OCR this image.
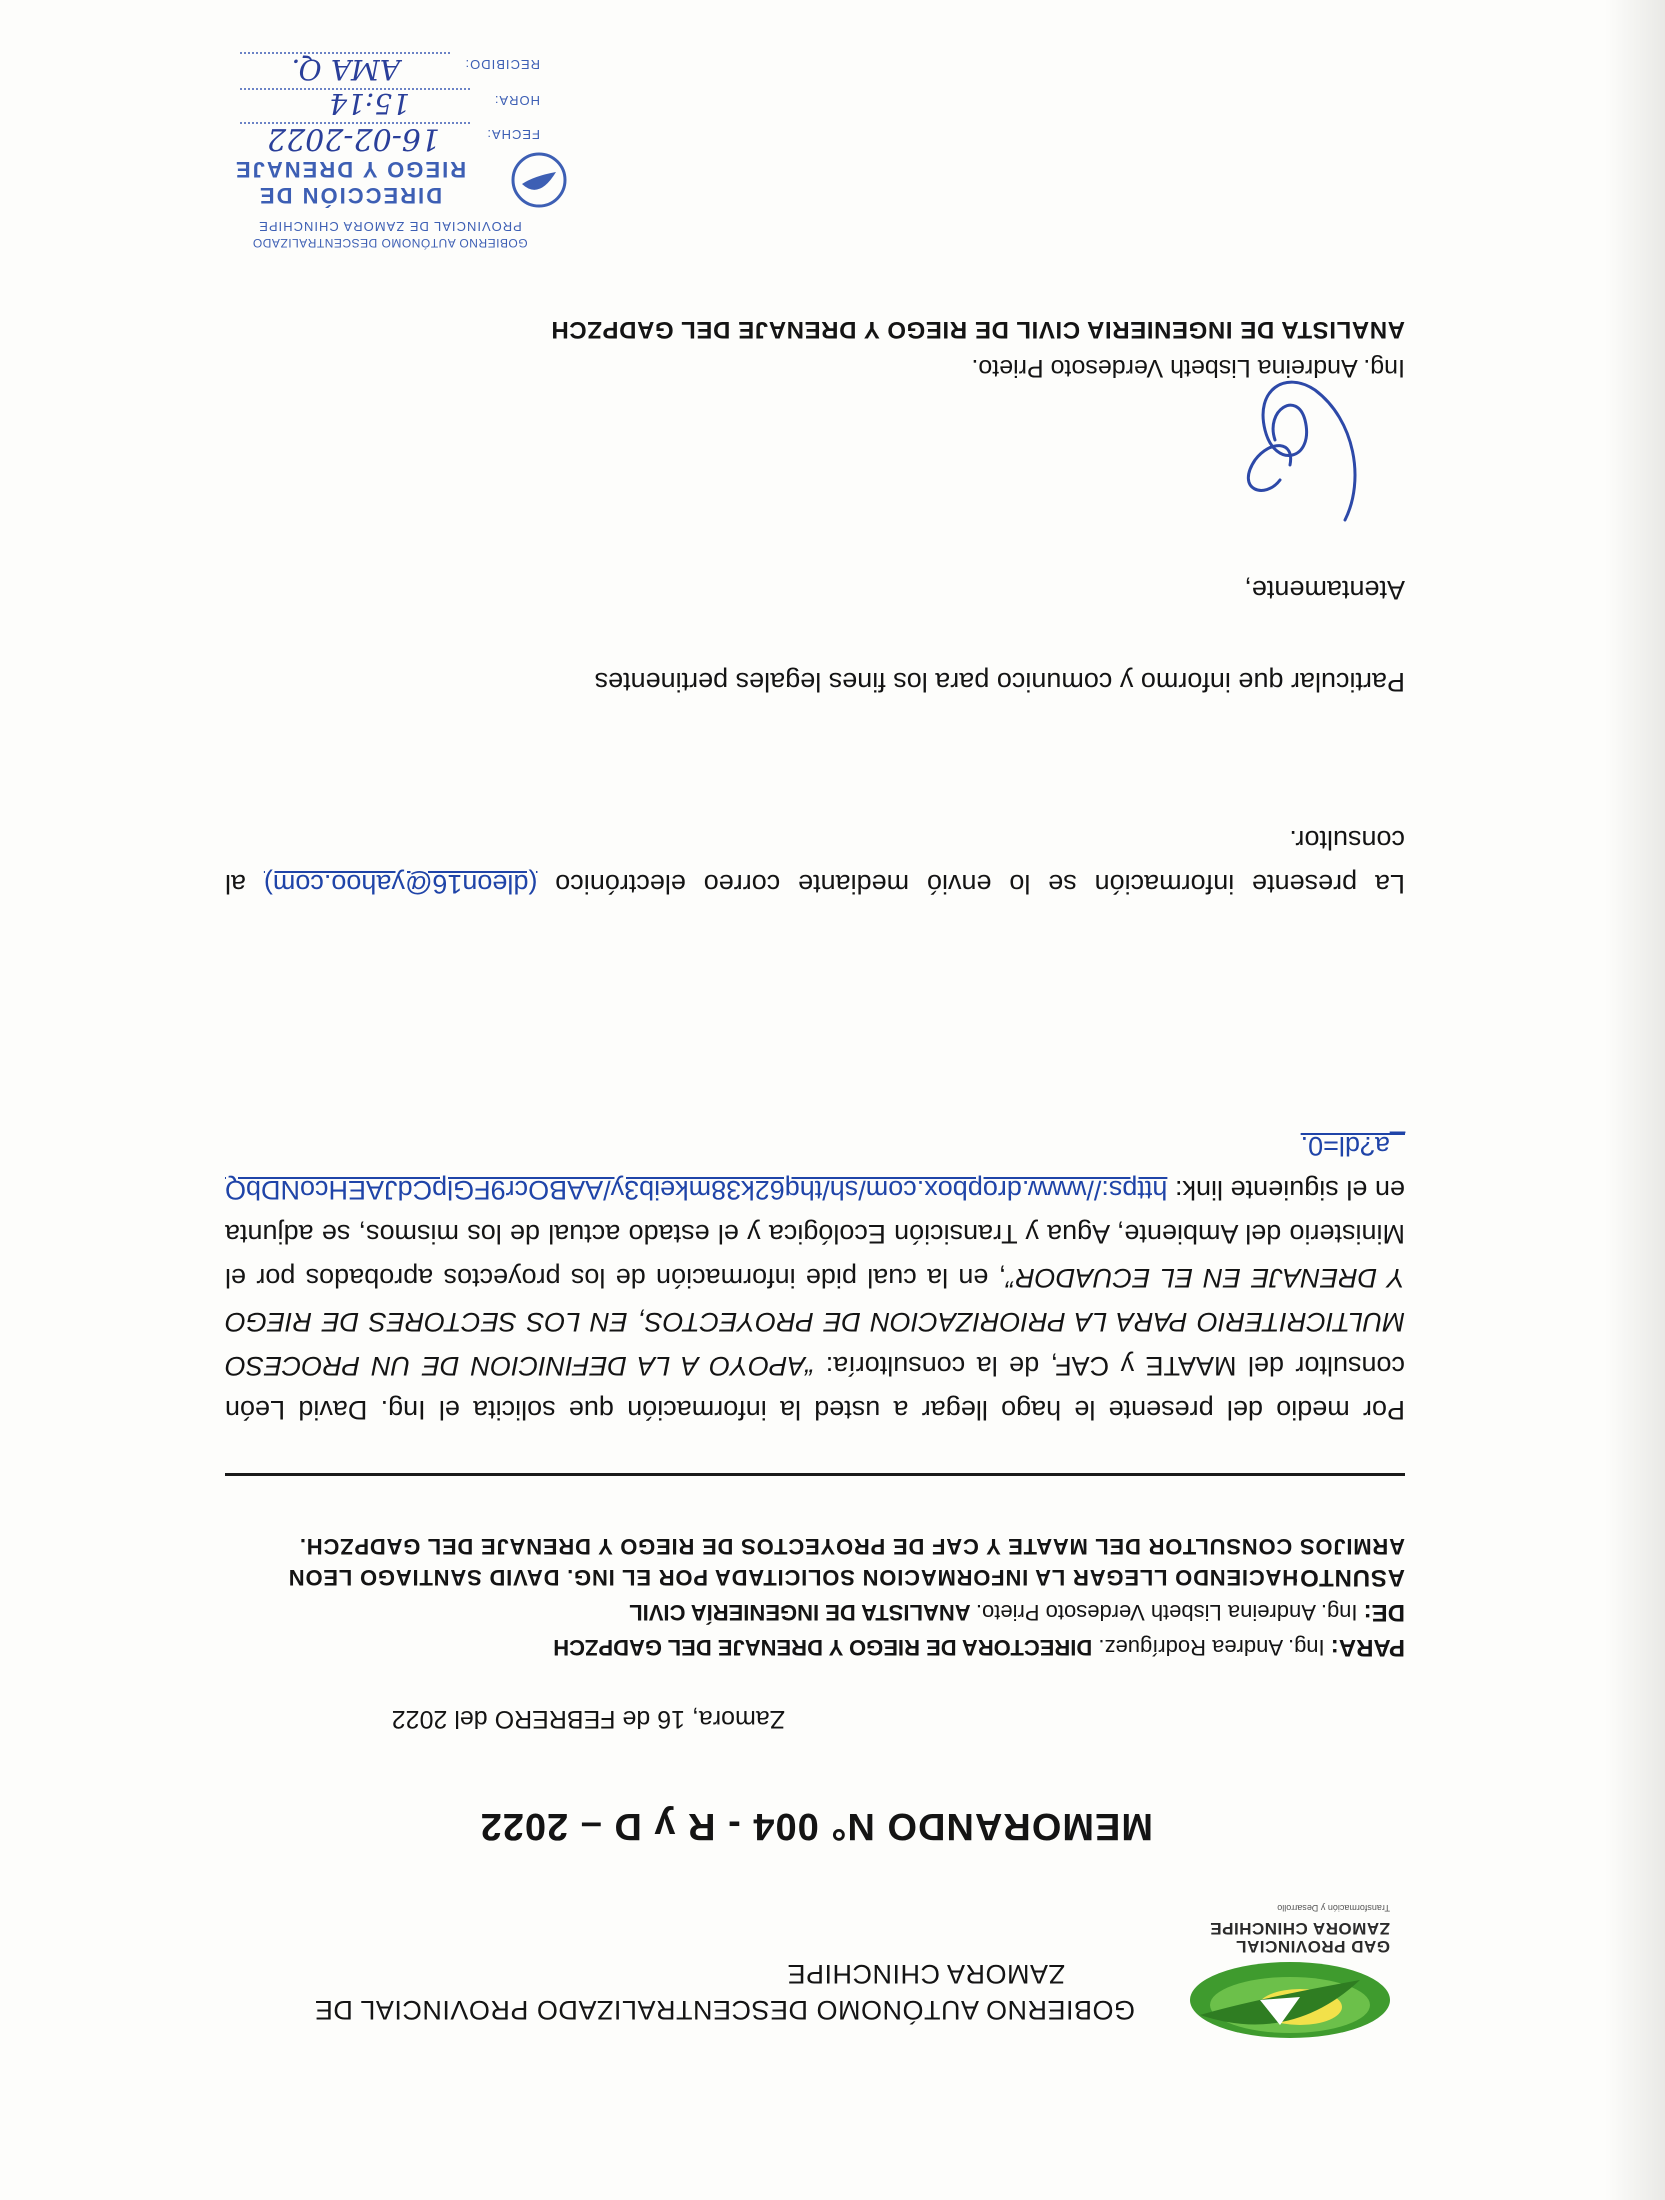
GAD PROVINCIAL ZAMORA CHINCHIPE
Transformación y Desarrollo
GOBIERNO AUTÓNOMO DESCENTRALIZADO PROVINCIAL DE
ZAMORA CHINCHIPE
MEMORANDO N° 004 - R y D – 2022
Zamora, 16 de FEBRERO del 2022
PARA: Ing. Andrea Rodríguez. DIRECTORA DE RIEGO Y DRENAJE DEL GADPZCH
DE: Ing. Andreina Lisbeth Verdesoto Prieto. ANALISTA DE INGENIERÍA CIVIL
ASUNTO: HACIENDO LLEGAR LA INFORMACION SOLICITADA POR EL ING. DAVID SANTIAGO LEON ARMIJOS CONSULTOR DEL MAATE Y CAF DE PROYECTOS DE RIEGO Y DRENAJE DEL GADPZCH.
Por medio del presente le hago llegar a usted la información que solicita el Ing. David León consultor del MAATE y CAF, de la consultoría: “APOYO A LA DEFINICION DE UN PROCESO MULTICRITERIO PARA LA PRIORIZACION DE PROYECTOS, EN LOS SECTORES DE RIEGO Y DRENAJE EN EL ECUADOR”, en la cual pide información de los proyectos aprobados por el Ministerio del Ambiente, Agua y Transición Ecológica y el estado actual de los mismos, se adjunta en el siguiente link: https://www.dropbox.com/sh/thq62k38mkeib3y/AABOcr9FGlpCdJAEHcoNDbQ_a?dl=0.
La presente información se lo envió mediante correo electrónico (dleon16@yahoo.com) al consultor.
Particular que informo y comunico para los fines legales pertinentes
Atentamente,
Ing. Andreina Lisbeth Verdesoto Prieto.
ANALISTA DE INGENIERIA CIVIL DE RIEGO Y DRENAJE DEL GADPZCH
GOBIERNO AUTÓNOMO DESCENTRALIZADO
PROVINCIAL DE ZAMORA CHINCHIPE
DIRECCIÓN DE
RIEGO Y DRENAJE
FECHA:
16-02-2022
HORA:
15:14
RECIBIDO:
AMA Q.
